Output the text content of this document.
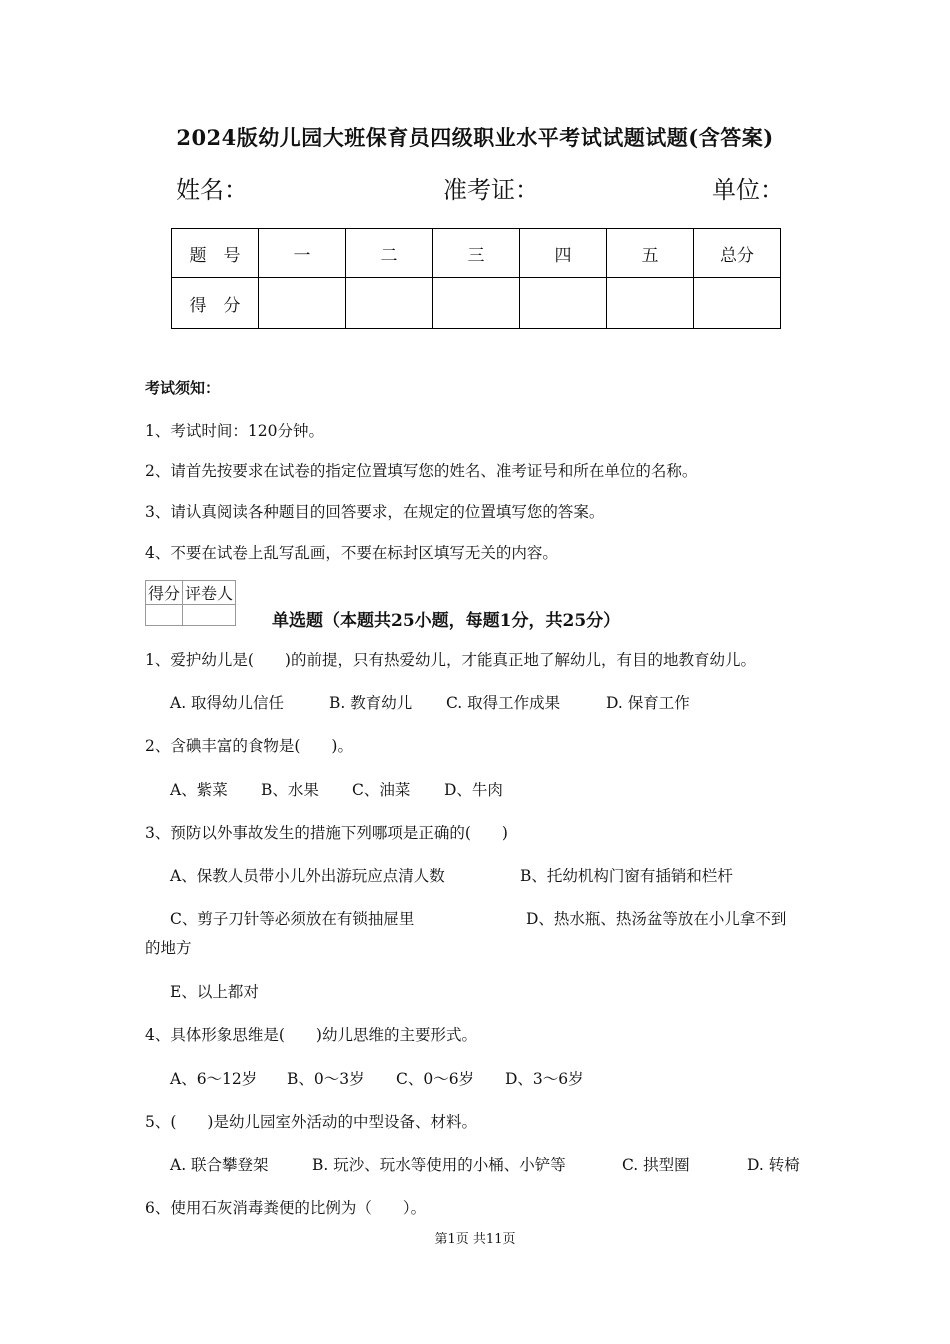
2024版幼儿园大班保育员四级职业水平考试试题试题(含答案)
姓名：	准考证：	单位：
题　号	一	二	三	四	五	总分
得　分						
考试须知：
1、考试时间：120分钟。
2、请首先按要求在试卷的指定位置填写您的姓名、准考证号和所在单位的名称。
3、请认真阅读各种题目的回答要求，在规定的位置填写您的答案。
4、不要在试卷上乱写乱画，不要在标封区填写无关的内容。
得分	评卷人

单选题（本题共25小题，每题1分，共25分）
1、爱护幼儿是(　　)的前提，只有热爱幼儿，才能真正地了解幼儿，有目的地教育幼儿。
A. 取得幼儿信任	B. 教育幼儿 C. 取得工作成果	D. 保育工作
2、含碘丰富的食物是(　　)。
A、紫菜 B、水果 C、油菜 D、牛肉
3、预防以外事故发生的措施下列哪项是正确的(　　)
A、保教人员带小儿外出游玩应点清人数	B、托幼机构门窗有插销和栏杆
C、剪子刀针等必须放在有锁抽屉里	D、热水瓶、热汤盆等放在小儿拿不到
的地方
E、以上都对
4、具体形象思维是(　　)幼儿思维的主要形式。
A、6～12岁 B、0～3岁 C、0～6岁 D、3～6岁
5、(　　)是幼儿园室外活动的中型设备、材料。
A. 联合攀登架	B. 玩沙、玩水等使用的小桶、小铲等	C. 拱型圈	D. 转椅
6、使用石灰消毒粪便的比例为（　　）。
第1页 共11页
